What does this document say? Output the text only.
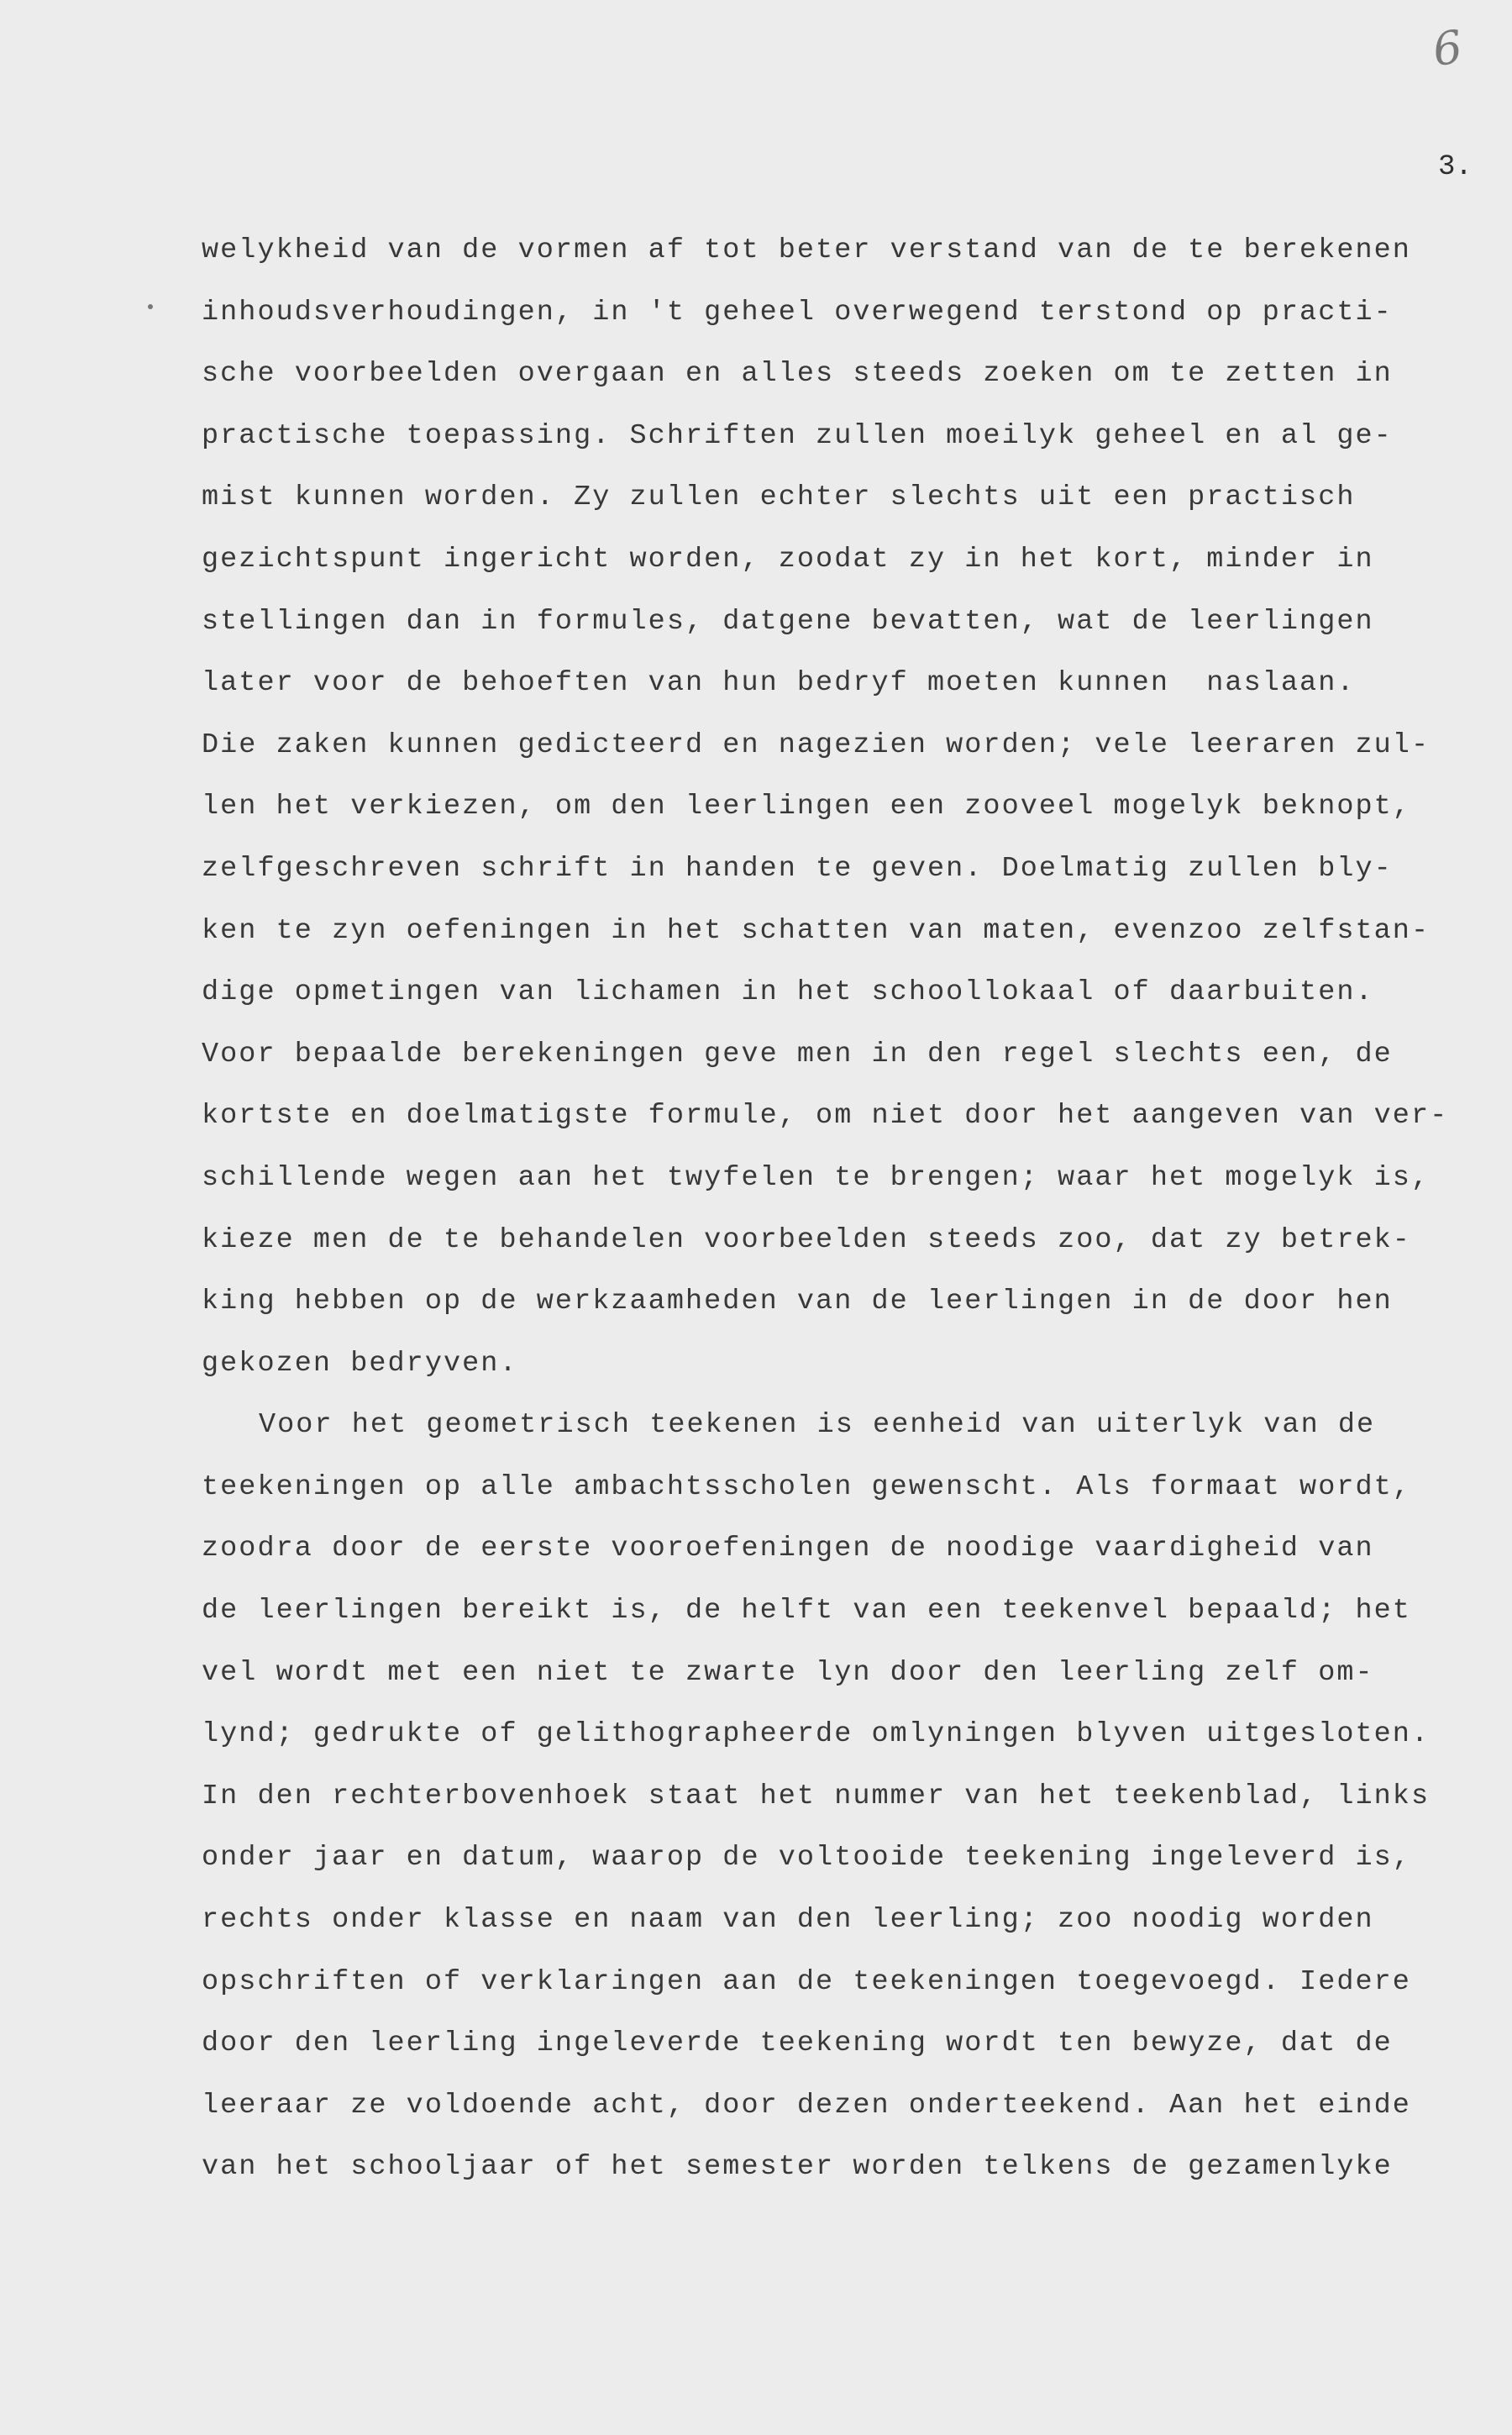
6
3.
welykheid van de vormen af tot beter verstand van de te berekenen
inhoudsverhoudingen, in 't geheel overwegend terstond op practi-
sche voorbeelden overgaan en alles steeds zoeken om te zetten in
practische toepassing. Schriften zullen moeilyk geheel en al ge-
mist kunnen worden. Zy zullen echter slechts uit een practisch
gezichtspunt ingericht worden, zoodat zy in het kort, minder in
stellingen dan in formules, datgene bevatten, wat de leerlingen
later voor de behoeften van hun bedryf moeten kunnen  naslaan.
Die zaken kunnen gedicteerd en nagezien worden; vele leeraren zul-
len het verkiezen, om den leerlingen een zooveel mogelyk beknopt,
zelfgeschreven schrift in handen te geven. Doelmatig zullen bly-
ken te zyn oefeningen in het schatten van maten, evenzoo zelfstan-
dige opmetingen van lichamen in het schoollokaal of daarbuiten.
Voor bepaalde berekeningen geve men in den regel slechts een, de
kortste en doelmatigste formule, om niet door het aangeven van ver-
schillende wegen aan het twyfelen te brengen; waar het mogelyk is,
kieze men de te behandelen voorbeelden steeds zoo, dat zy betrek-
king hebben op de werkzaamheden van de leerlingen in de door hen
gekozen bedryven.
Voor het geometrisch teekenen is eenheid van uiterlyk van de
teekeningen op alle ambachtsscholen gewenscht. Als formaat wordt,
zoodra door de eerste vooroefeningen de noodige vaardigheid van
de leerlingen bereikt is, de helft van een teekenvel bepaald; het
vel wordt met een niet te zwarte lyn door den leerling zelf om-
lynd; gedrukte of gelithographeerde omlyningen blyven uitgesloten.
In den rechterbovenhoek staat het nummer van het teekenblad, links
onder jaar en datum, waarop de voltooide teekening ingeleverd is,
rechts onder klasse en naam van den leerling; zoo noodig worden
opschriften of verklaringen aan de teekeningen toegevoegd. Iedere
door den leerling ingeleverde teekening wordt ten bewyze, dat de
leeraar ze voldoende acht, door dezen onderteekend. Aan het einde
van het schooljaar of het semester worden telkens de gezamenlyke
